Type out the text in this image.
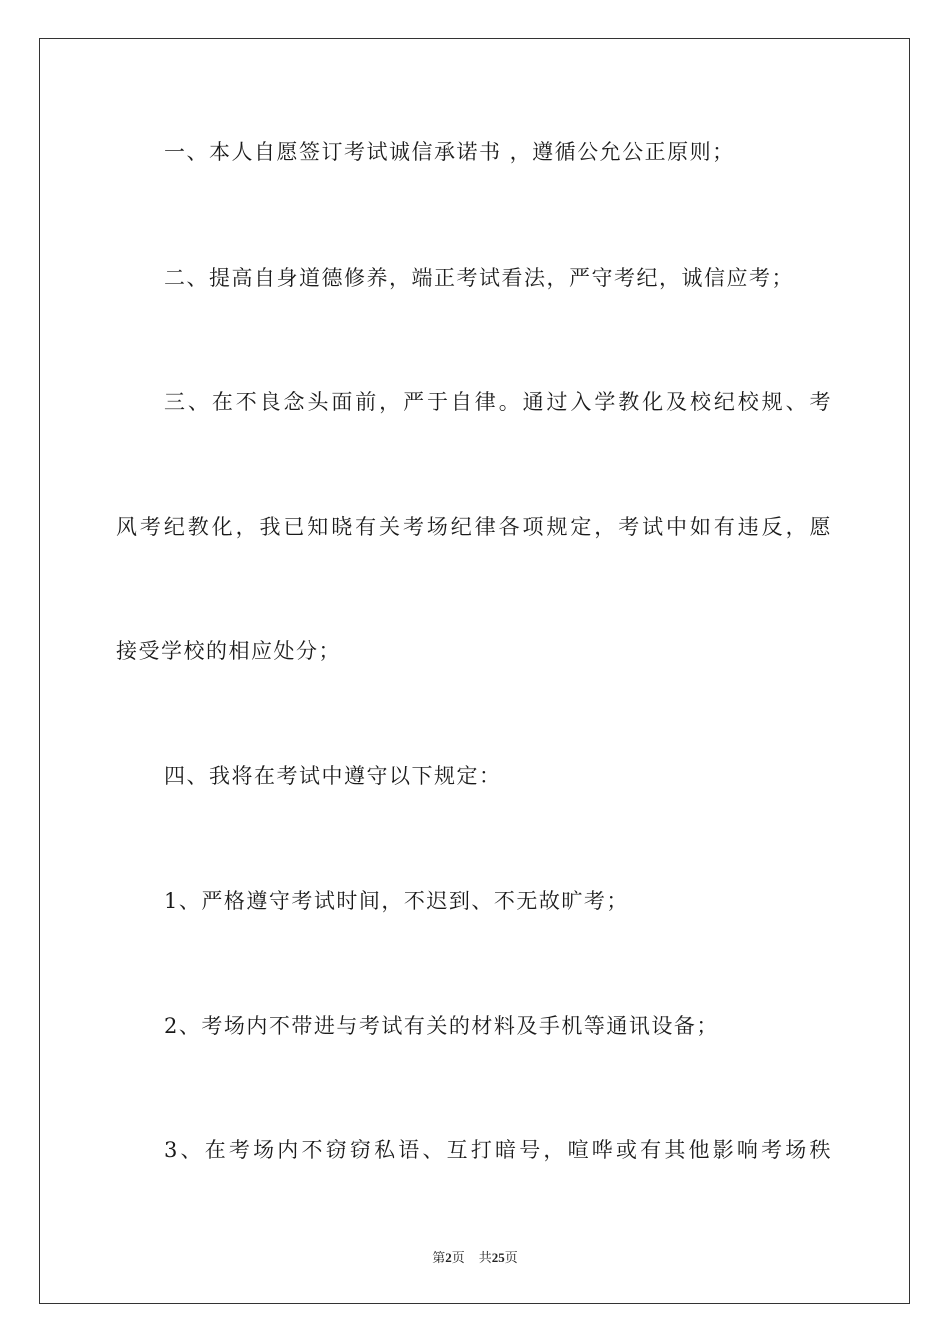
一、本人自愿签订考试诚信承诺书 ，遵循公允公正原则；
二、提高自身道德修养，端正考试看法，严守考纪，诚信应考；
三、在不良念头面前，严于自律。通过入学教化及校纪校规、考
风考纪教化，我已知晓有关考场纪律各项规定，考试中如有违反，愿
接受学校的相应处分；
四、我将在考试中遵守以下规定：
1、严格遵守考试时间，不迟到、不无故旷考；
2、考场内不带进与考试有关的材料及手机等通讯设备；
3、在考场内不窃窃私语、互打暗号，喧哗或有其他影响考场秩
第2页 共25页
